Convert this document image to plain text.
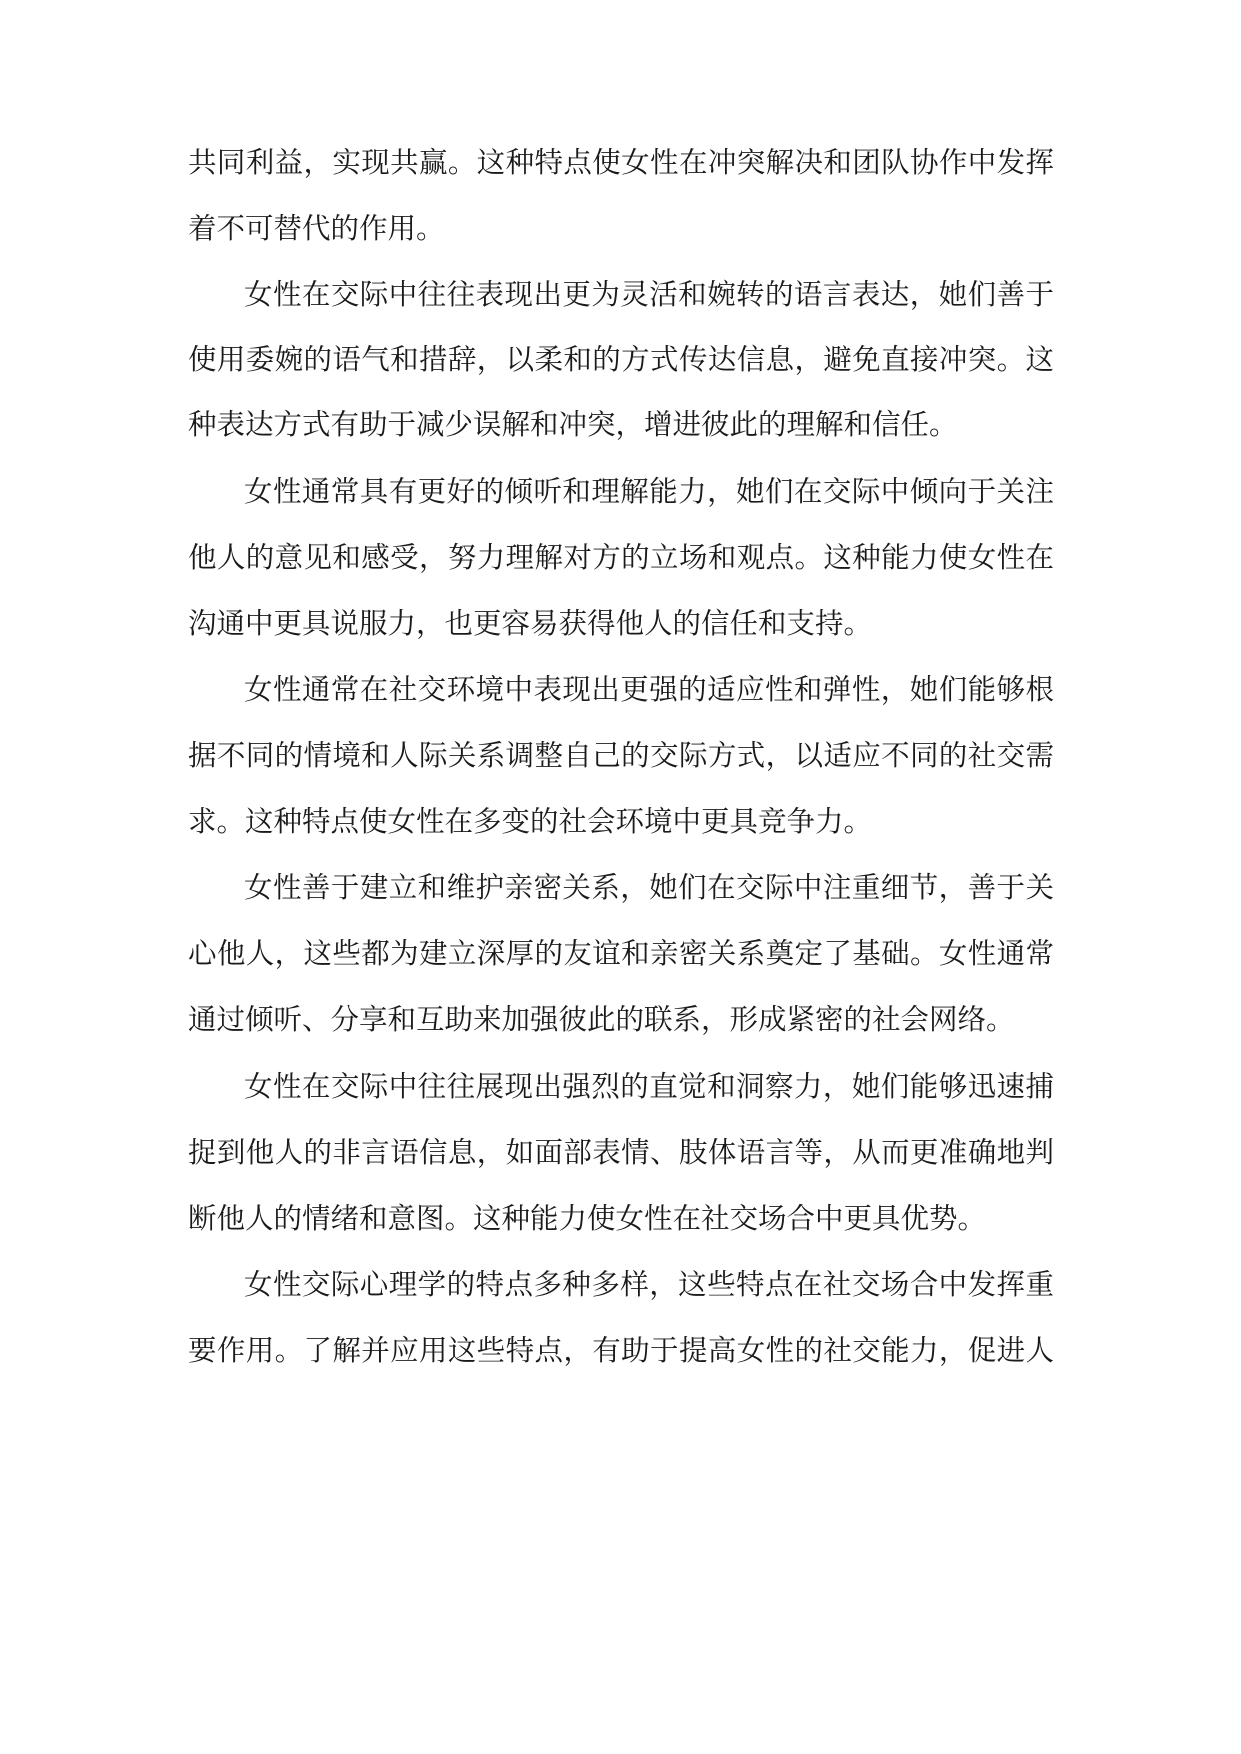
共同利益，实现共赢。这种特点使女性在冲突解决和团队协作中发挥
着不可替代的作用。
女性在交际中往往表现出更为灵活和婉转的语言表达，她们善于
使用委婉的语气和措辞，以柔和的方式传达信息，避免直接冲突。这
种表达方式有助于减少误解和冲突，增进彼此的理解和信任。
女性通常具有更好的倾听和理解能力，她们在交际中倾向于关注
他人的意见和感受，努力理解对方的立场和观点。这种能力使女性在
沟通中更具说服力，也更容易获得他人的信任和支持。
女性通常在社交环境中表现出更强的适应性和弹性，她们能够根
据不同的情境和人际关系调整自己的交际方式，以适应不同的社交需
求。这种特点使女性在多变的社会环境中更具竞争力。
女性善于建立和维护亲密关系，她们在交际中注重细节，善于关
心他人，这些都为建立深厚的友谊和亲密关系奠定了基础。女性通常
通过倾听、分享和互助来加强彼此的联系，形成紧密的社会网络。
女性在交际中往往展现出强烈的直觉和洞察力，她们能够迅速捕
捉到他人的非言语信息，如面部表情、肢体语言等，从而更准确地判
断他人的情绪和意图。这种能力使女性在社交场合中更具优势。
女性交际心理学的特点多种多样，这些特点在社交场合中发挥重
要作用。了解并应用这些特点，有助于提高女性的社交能力，促进人
